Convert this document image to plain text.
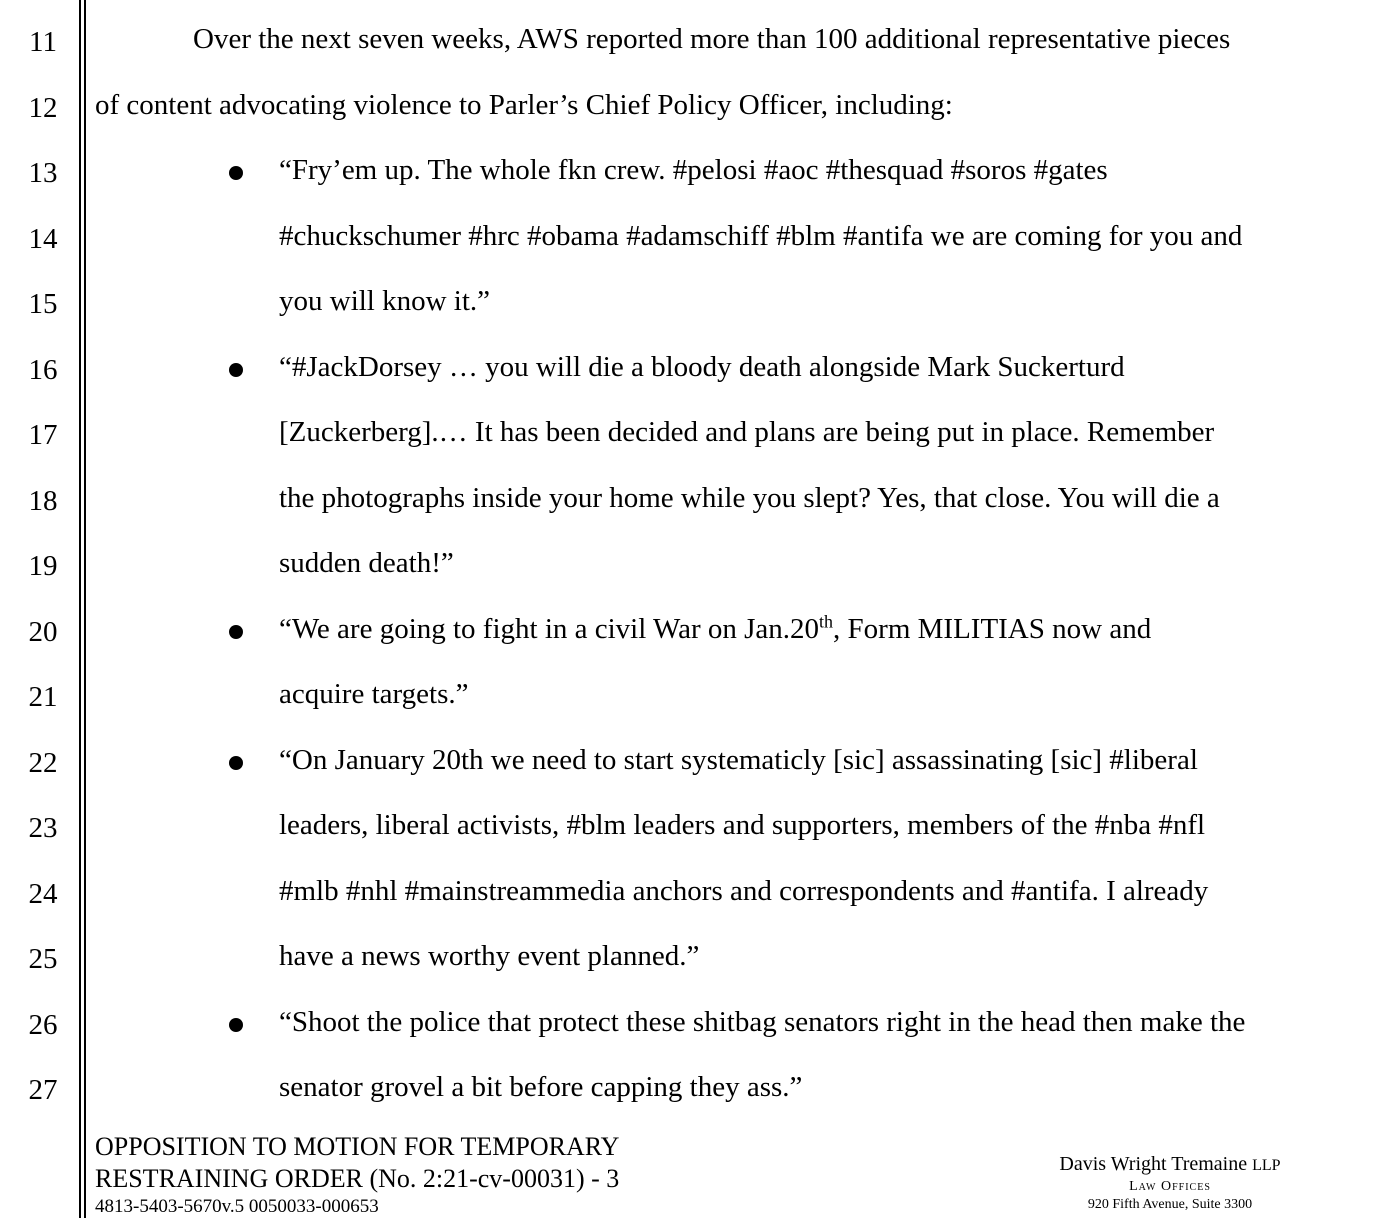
11
12
13
14
15
16
17
18
19
20
21
22
23
24
25
26
27
Over the next seven weeks, AWS reported more than 100 additional representative pieces
of content advocating violence to Parler’s Chief Policy Officer, including:
“Fry’em up. The whole fkn crew. #pelosi #aoc #thesquad #soros #gates
#chuckschumer #hrc #obama #adamschiff #blm #antifa we are coming for you and
you will know it.”
“#JackDorsey … you will die a bloody death alongside Mark Suckerturd
[Zuckerberg].… It has been decided and plans are being put in place. Remember
the photographs inside your home while you slept? Yes, that close. You will die a
sudden death!”
“We are going to fight in a civil War on Jan.20th, Form MILITIAS now and
acquire targets.”
“On January 20th we need to start systematicly [sic] assassinating [sic] #liberal
leaders, liberal activists, #blm leaders and supporters, members of the #nba #nfl
#mlb #nhl #mainstreammedia anchors and correspondents and #antifa. I already
have a news worthy event planned.”
“Shoot the police that protect these shitbag senators right in the head then make the
senator grovel a bit before capping they ass.”
OPPOSITION TO MOTION FOR TEMPORARY
RESTRAINING ORDER (No. 2:21-cv-00031) - 3
4813-5403-5670v.5 0050033-000653
Davis Wright Tremaine LLP
Law Offices
920 Fifth Avenue, Suite 3300
